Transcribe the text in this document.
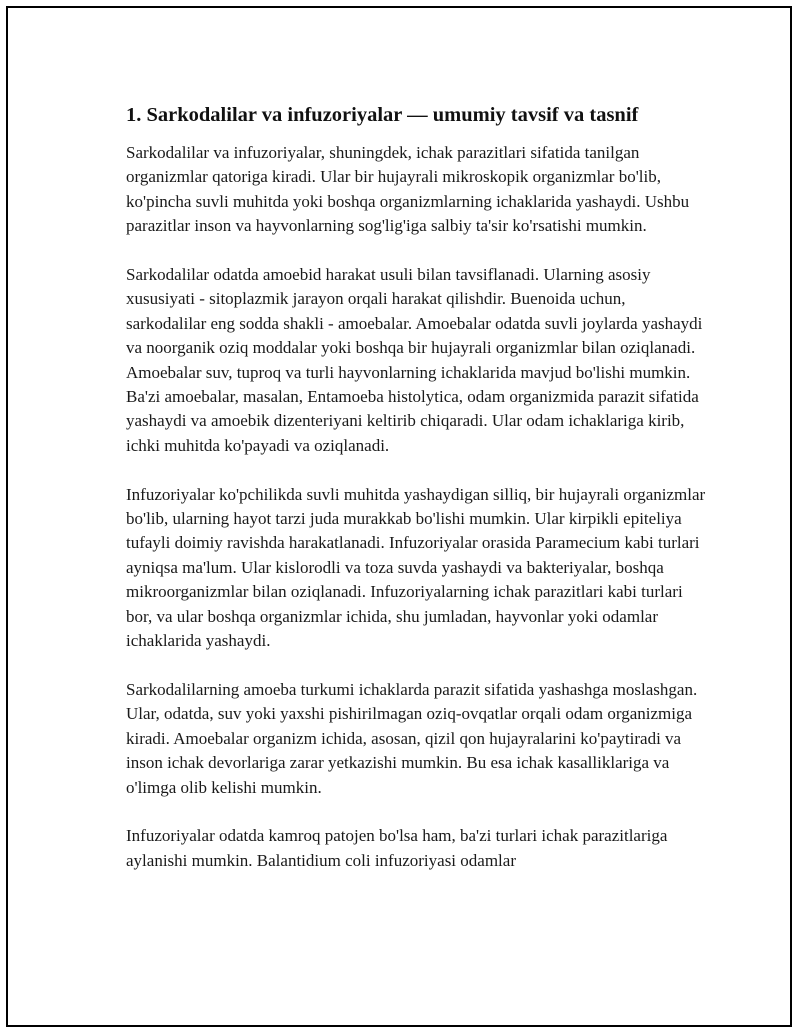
1. Sarkodalilar va infuzoriyalar — umumiy tavsif va tasnif

Sarkodalilar va infuzoriyalar, shuningdek, ichak parazitlari sifatida tanilgan organizmlar qatoriga kiradi. Ular bir hujayrali mikroskopik organizmlar bo'lib, ko'pincha suvli muhitda yoki boshqa organizmlarning ichaklarida yashaydi. Ushbu parazitlar inson va hayvonlarning sog'lig'iga salbiy ta'sir ko'rsatishi mumkin.

Sarkodalilar odatda amoebid harakat usuli bilan tavsiflanadi. Ularning asosiy xususiyati - sitoplazmik jarayon orqali harakat qilishdir. Buenoida uchun, sarkodalilar eng sodda shakli - amoebalar. Amoebalar odatda suvli joylarda yashaydi va noorganik oziq moddalar yoki boshqa bir hujayrali organizmlar bilan oziqlanadi. Amoebalar suv, tuproq va turli hayvonlarning ichaklarida mavjud bo'lishi mumkin. Ba'zi amoebalar, masalan, Entamoeba histolytica, odam organizmida parazit sifatida yashaydi va amoebik dizenteriyani keltirib chiqaradi. Ular odam ichaklariga kirib, ichki muhitda ko'payadi va oziqlanadi.

Infuzoriyalar ko'pchilikda suvli muhitda yashaydigan silliq, bir hujayrali organizmlar bo'lib, ularning hayot tarzi juda murakkab bo'lishi mumkin. Ular kirpikli epiteliya tufayli doimiy ravishda harakatlanadi. Infuzoriyalar orasida Paramecium kabi turlari ayniqsa ma'lum. Ular kislorodli va toza suvda yashaydi va bakteriyalar, boshqa mikroorganizmlar bilan oziqlanadi. Infuzoriyalarning ichak parazitlari kabi turlari bor, va ular boshqa organizmlar ichida, shu jumladan, hayvonlar yoki odamlar ichaklarida yashaydi.

Sarkodalilarning amoeba turkumi ichaklarda parazit sifatida yashashga moslashgan. Ular, odatda, suv yoki yaxshi pishirilmagan oziq-ovqatlar orqali odam organizmiga kiradi. Amoebalar organizm ichida, asosan, qizil qon hujayralarini ko'paytiradi va inson ichak devorlariga zarar yetkazishi mumkin. Bu esa ichak kasalliklariga va o'limga olib kelishi mumkin.

Infuzoriyalar odatda kamroq patojen bo'lsa ham, ba'zi turlari ichak parazitlariga aylanishi mumkin. Balantidium coli infuzoriyasi odamlar
